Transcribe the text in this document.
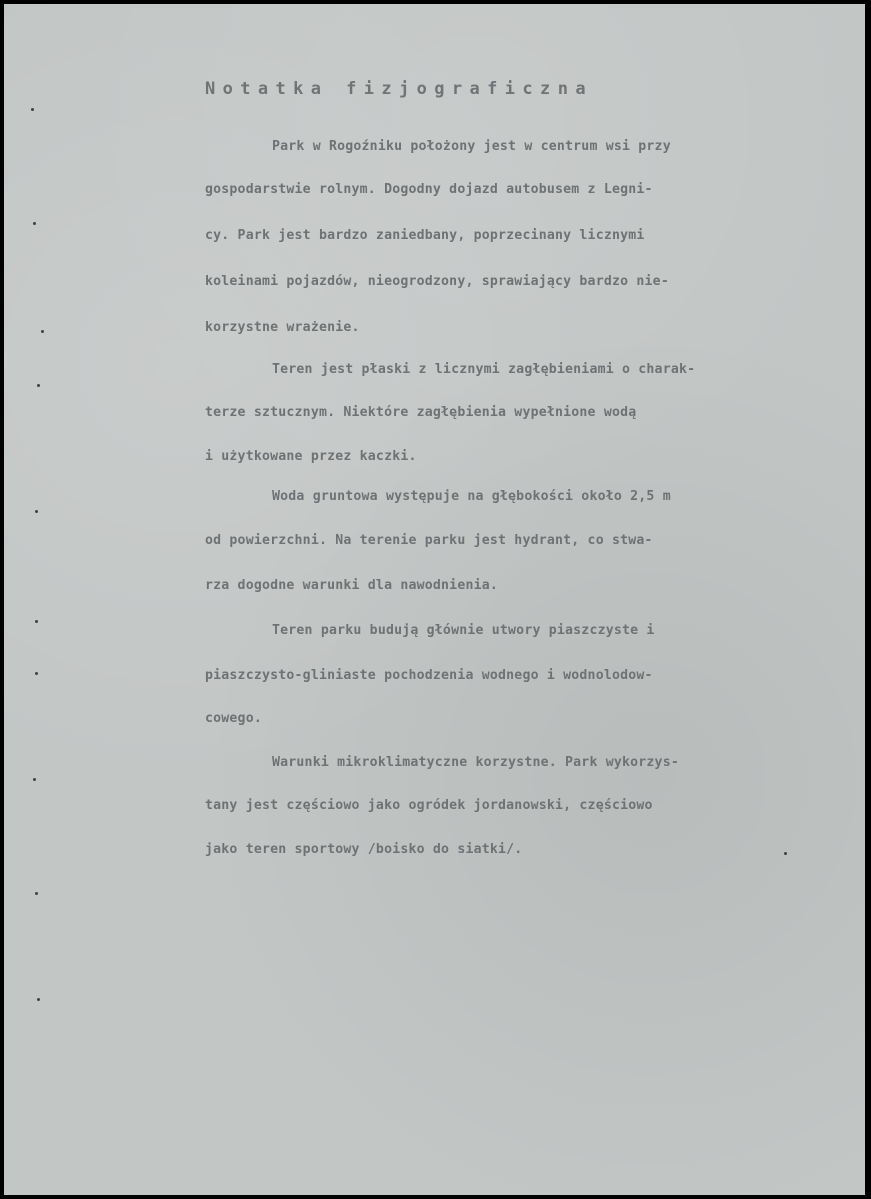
Notatka fizjograficzna
Park w Rogoźniku położony jest w centrum wsi przy
gospodarstwie rolnym. Dogodny dojazd autobusem z Legni-
cy. Park jest bardzo zaniedbany, poprzecinany licznymi
koleinami pojazdów, nieogrodzony, sprawiający bardzo nie-
korzystne wrażenie.
Teren jest płaski z licznymi zagłębieniami o charak-
terze sztucznym. Niektóre zagłębienia wypełnione wodą
i użytkowane przez kaczki.
Woda gruntowa występuje na głębokości około 2,5 m
od powierzchni. Na terenie parku jest hydrant, co stwa-
rza dogodne warunki dla nawodnienia.
Teren parku budują głównie utwory piaszczyste i
piaszczysto-gliniaste pochodzenia wodnego i wodnolodow-
cowego.
Warunki mikroklimatyczne korzystne. Park wykorzys-
tany jest częściowo jako ogródek jordanowski, częściowo
jako teren sportowy /boisko do siatki/.
